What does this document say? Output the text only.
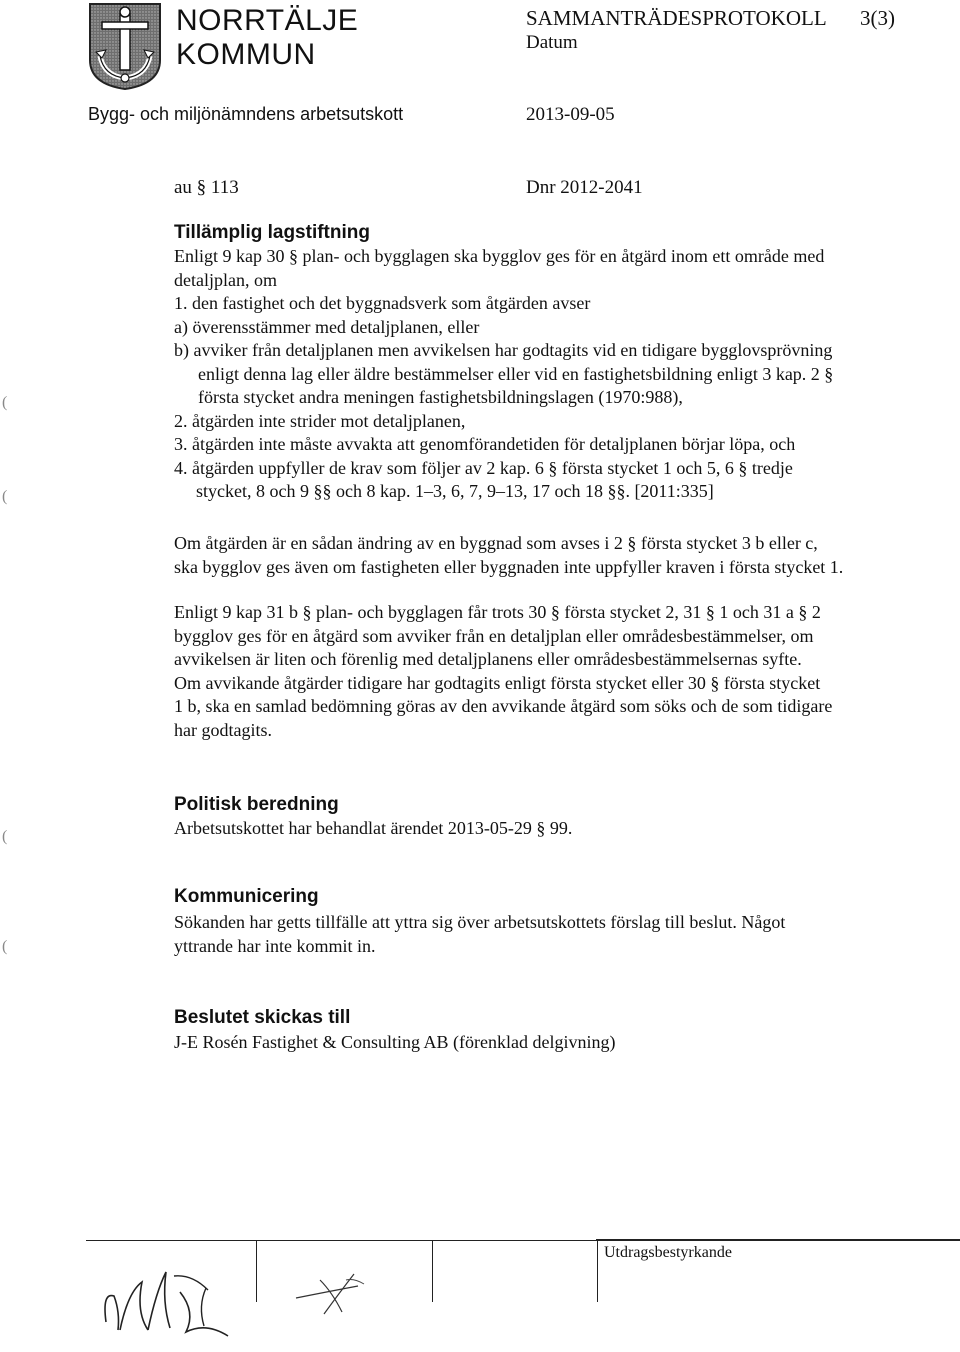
NORRTÄLJE
KOMMUN
SAMMANTRÄDESPROTOKOLL 3(3)
Datum
Bygg- och miljönämndens arbetsutskott	2013-09-05
au § 113	Dnr 2012-2041
Tillämplig lagstiftning
Enligt 9 kap 30 § plan- och bygglagen ska bygglov ges för en åtgärd inom ett område med
detaljplan, om
1. den fastighet och det byggnadsverk som åtgärden avser
a) överensstämmer med detaljplanen, eller
b) avviker från detaljplanen men avvikelsen har godtagits vid en tidigare bygglovsprövning
enligt denna lag eller äldre bestämmelser eller vid en fastighetsbildning enligt 3 kap. 2 §
första stycket andra meningen fastighetsbildningslagen (1970:988),
2. åtgärden inte strider mot detaljplanen,
3. åtgärden inte måste avvakta att genomförandetiden för detaljplanen börjar löpa, och
4. åtgärden uppfyller de krav som följer av 2 kap. 6 § första stycket 1 och 5, 6 § tredje
stycket, 8 och 9 §§ och 8 kap. 1–3, 6, 7, 9–13, 17 och 18 §§. [2011:335]
Om åtgärden är en sådan ändring av en byggnad som avses i 2 § första stycket 3 b eller c,
ska bygglov ges även om fastigheten eller byggnaden inte uppfyller kraven i första stycket 1.
Enligt 9 kap 31 b § plan- och bygglagen får trots 30 § första stycket 2, 31 § 1 och 31 a § 2
bygglov ges för en åtgärd som avviker från en detaljplan eller områdesbestämmelser, om
avvikelsen är liten och förenlig med detaljplanens eller områdesbestämmelsernas syfte.
Om avvikande åtgärder tidigare har godtagits enligt första stycket eller 30 § första stycket
1 b, ska en samlad bedömning göras av den avvikande åtgärd som söks och de som tidigare
har godtagits.
Politisk beredning
Arbetsutskottet har behandlat ärendet 2013-05-29 § 99.
Kommunicering
Sökanden har getts tillfälle att yttra sig över arbetsutskottets förslag till beslut. Något
yttrande har inte kommit in.
Beslutet skickas till
J-E Rosén Fastighet & Consulting AB (förenklad delgivning)
(
(
(
(
Utdragsbestyrkande
